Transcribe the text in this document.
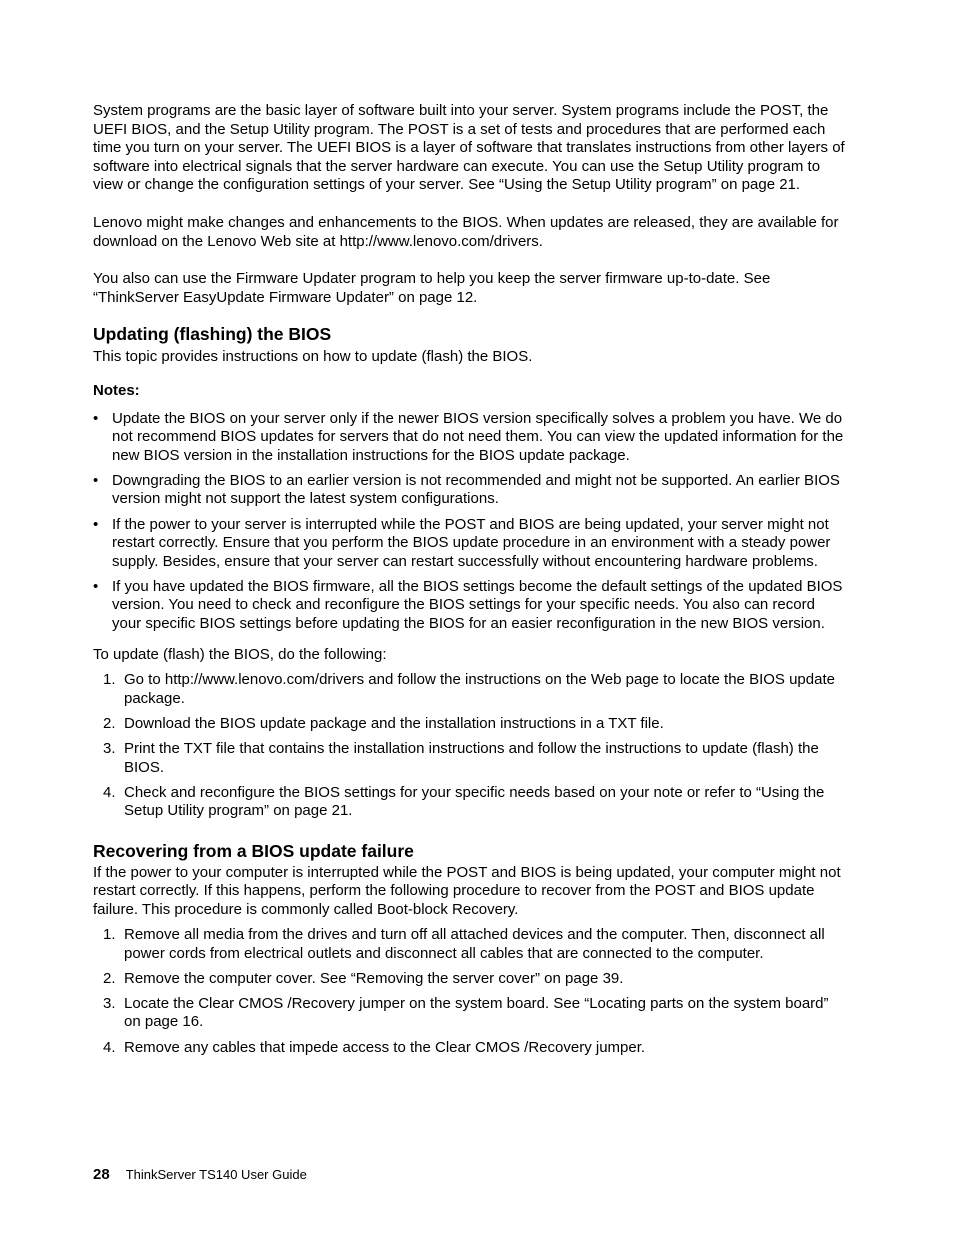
System programs are the basic layer of software built into your server. System programs include the POST, the UEFI BIOS, and the Setup Utility program. The POST is a set of tests and procedures that are performed each time you turn on your server. The UEFI BIOS is a layer of software that translates instructions from other layers of software into electrical signals that the server hardware can execute. You can use the Setup Utility program to view or change the configuration settings of your server. See “Using the Setup Utility program” on page 21.

Lenovo might make changes and enhancements to the BIOS. When updates are released, they are available for download on the Lenovo Web site at http://www.lenovo.com/drivers.

You also can use the Firmware Updater program to help you keep the server firmware up-to-date. See “ThinkServer EasyUpdate Firmware Updater” on page 12.

Updating (flashing) the BIOS

This topic provides instructions on how to update (flash) the BIOS.

Notes:
• Update the BIOS on your server only if the newer BIOS version specifically solves a problem you have. We do not recommend BIOS updates for servers that do not need them. You can view the updated information for the new BIOS version in the installation instructions for the BIOS update package.
• Downgrading the BIOS to an earlier version is not recommended and might not be supported. An earlier BIOS version might not support the latest system configurations.
• If the power to your server is interrupted while the POST and BIOS are being updated, your server might not restart correctly. Ensure that you perform the BIOS update procedure in an environment with a steady power supply. Besides, ensure that your server can restart successfully without encountering hardware problems.
• If you have updated the BIOS firmware, all the BIOS settings become the default settings of the updated BIOS version. You need to check and reconfigure the BIOS settings for your specific needs. You also can record your specific BIOS settings before updating the BIOS for an easier reconfiguration in the new BIOS version.

To update (flash) the BIOS, do the following:

1. Go to http://www.lenovo.com/drivers and follow the instructions on the Web page to locate the BIOS update package.
2. Download the BIOS update package and the installation instructions in a TXT file.
3. Print the TXT file that contains the installation instructions and follow the instructions to update (flash) the BIOS.
4. Check and reconfigure the BIOS settings for your specific needs based on your note or refer to “Using the Setup Utility program” on page 21.
Recovering from a BIOS update failure

If the power to your computer is interrupted while the POST and BIOS is being updated, your computer might not restart correctly. If this happens, perform the following procedure to recover from the POST and BIOS update failure. This procedure is commonly called Boot-block Recovery.

1. Remove all media from the drives and turn off all attached devices and the computer. Then, disconnect all power cords from electrical outlets and disconnect all cables that are connected to the computer.
2. Remove the computer cover. See “Removing the server cover” on page 39.
3. Locate the Clear CMOS /Recovery jumper on the system board. See “Locating parts on the system board” on page 16.
4. Remove any cables that impede access to the Clear CMOS /Recovery jumper.
28 ThinkServer TS140 User Guide
